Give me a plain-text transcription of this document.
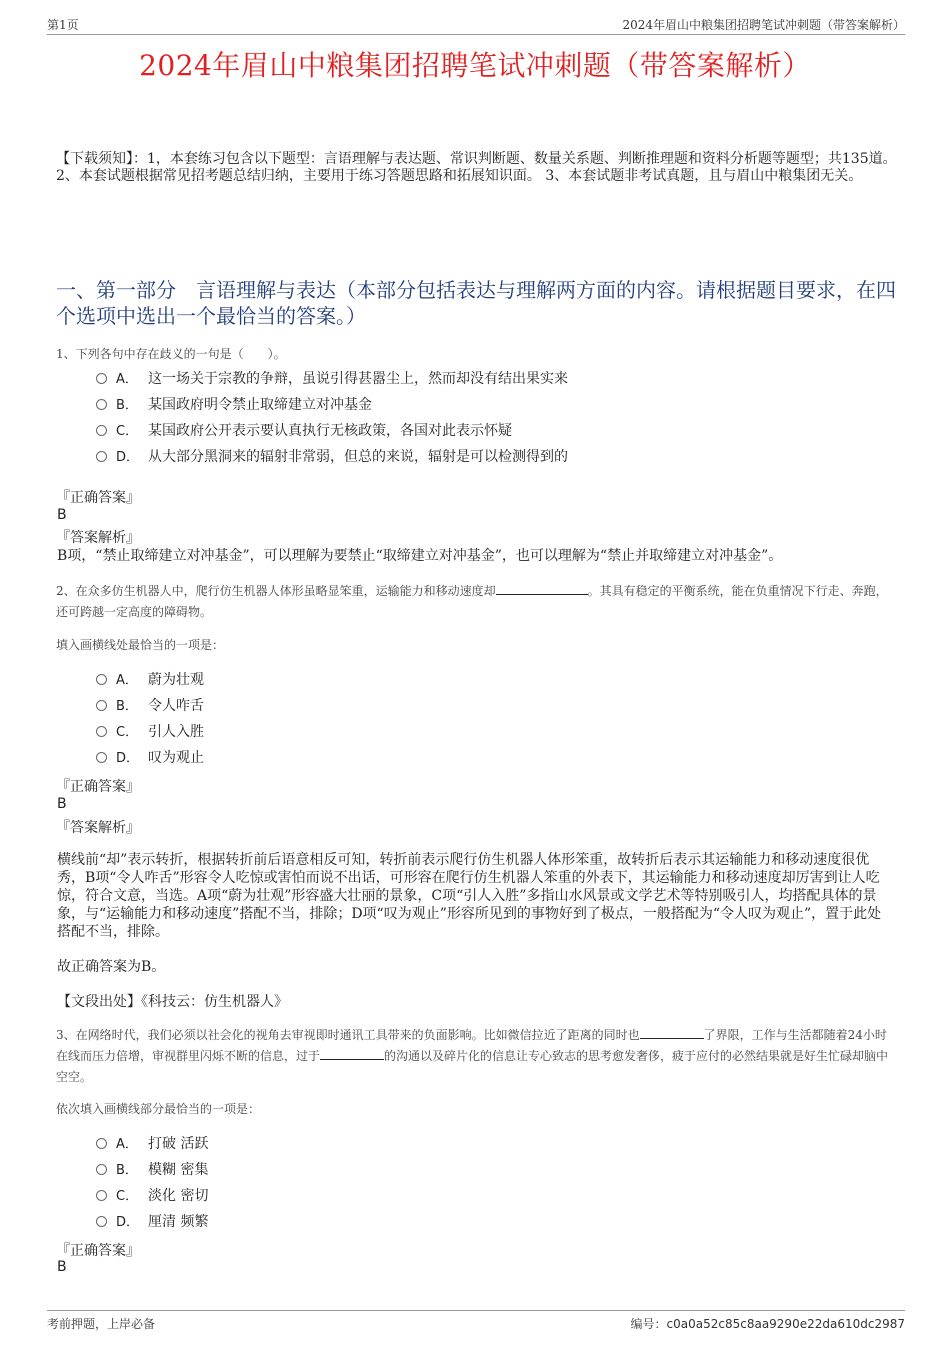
第1页	2024年眉山中粮集团招聘笔试冲刺题（带答案解析）
2024年眉山中粮集团招聘笔试冲刺题（带答案解析）
【下载须知】：1，本套练习包含以下题型：言语理解与表达题、常识判断题、数量关系题、判断推理题和资料分析题等题型；共135道。 2、本套试题根据常见招考题总结归纳，主要用于练习答题思路和拓展知识面。 3、本套试题非考试真题，且与眉山中粮集团无关。
一、第一部分　言语理解与表达（本部分包括表达与理解两方面的内容。请根据题目要求，在四个选项中选出一个最恰当的答案。）
1、下列各句中存在歧义的一句是（　　）。
A． 这一场关于宗教的争辩，虽说引得甚嚣尘上，然而却没有结出果实来
B． 某国政府明令禁止取缔建立对冲基金
C． 某国政府公开表示要认真执行无核政策，各国对此表示怀疑
D． 从大部分黑洞来的辐射非常弱，但总的来说，辐射是可以检测得到的
『正确答案』
B
『答案解析』
B项，“禁止取缔建立对冲基金”，可以理解为要禁止“取缔建立对冲基金”，也可以理解为“禁止并取缔建立对冲基金”。
2、在众多仿生机器人中，爬行仿生机器人体形虽略显笨重，运输能力和移动速度却	。其具有稳定的平衡系统，能在负重情况下行走、奔跑，还可跨越一定高度的障碍物。
填入画横线处最恰当的一项是：
A． 蔚为壮观
B． 令人咋舌
C． 引人入胜
D． 叹为观止
『正确答案』
B
『答案解析』
横线前“却”表示转折，根据转折前后语意相反可知，转折前表示爬行仿生机器人体形笨重，故转折后表示其运输能力和移动速度很优秀，B项“令人咋舌”形容令人吃惊或害怕而说不出话，可形容在爬行仿生机器人笨重的外表下，其运输能力和移动速度却厉害到让人吃惊，符合文意，当选。A项“蔚为壮观”形容盛大壮丽的景象，C项“引人入胜”多指山水风景或文学艺术等特别吸引人，均搭配具体的景象，与“运输能力和移动速度”搭配不当，排除；D项“叹为观止”形容所见到的事物好到了极点，一般搭配为“令人叹为观止”，置于此处搭配不当，排除。
故正确答案为B。
【文段出处】《科技云：仿生机器人》
3、在网络时代，我们必须以社会化的视角去审视即时通讯工具带来的负面影响。比如微信拉近了距离的同时也	了界限，工作与生活都随着24小时在线而压力倍增，审视群里闪烁不断的信息，过于	的沟通以及碎片化的信息让专心致志的思考愈发奢侈，疲于应付的必然结果就是好生忙碌却脑中空空。
依次填入画横线部分最恰当的一项是：
A． 打破 活跃
B． 模糊 密集
C． 淡化 密切
D． 厘清 频繁
『正确答案』
B
考前押题，上岸必备	编号：c0a0a52c85c8aa9290e22da610dc2987
